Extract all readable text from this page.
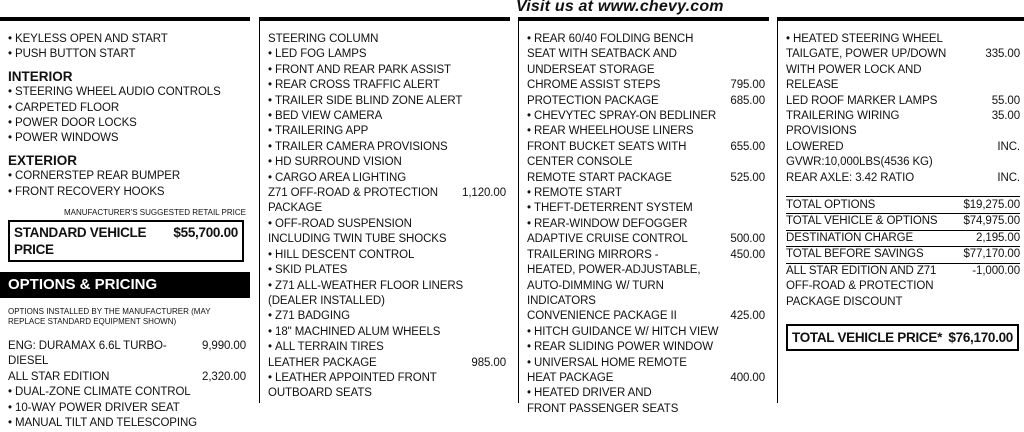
Visit us at www.chevy.com
• KEYLESS OPEN AND START
• PUSH BUTTON START
INTERIOR
• STEERING WHEEL AUDIO CONTROLS
• CARPETED FLOOR
• POWER DOOR LOCKS
• POWER WINDOWS
EXTERIOR
• CORNERSTEP REAR BUMPER
• FRONT RECOVERY HOOKS
MANUFACTURER'S SUGGESTED RETAIL PRICE
STANDARD VEHICLE PRICE
$55,700.00
OPTIONS & PRICING
OPTIONS INSTALLED BY THE MANUFACTURER (MAY REPLACE STANDARD EQUIPMENT SHOWN)
ENG: DURAMAX 6.6L TURBO-DIESEL
9,990.00
ALL STAR EDITION	2,320.00
• DUAL-ZONE CLIMATE CONTROL
• 10-WAY POWER DRIVER SEAT
• MANUAL TILT AND TELESCOPING
STEERING COLUMN
• LED FOG LAMPS
• FRONT AND REAR PARK ASSIST
• REAR CROSS TRAFFIC ALERT
• TRAILER SIDE BLIND ZONE ALERT
• BED VIEW CAMERA
• TRAILERING APP
• TRAILER CAMERA PROVISIONS
• HD SURROUND VISION
• CARGO AREA LIGHTING
Z71 OFF-ROAD & PROTECTION PACKAGE
1,120.00
• OFF-ROAD SUSPENSION INCLUDING TWIN TUBE SHOCKS
• HILL DESCENT CONTROL
• SKID PLATES
• Z71 ALL-WEATHER FLOOR LINERS (DEALER INSTALLED)
• Z71 BADGING
• 18" MACHINED ALUM WHEELS
• ALL TERRAIN TIRES
LEATHER PACKAGE	985.00
• LEATHER APPOINTED FRONT OUTBOARD SEATS
• REAR 60/40 FOLDING BENCH SEAT WITH SEATBACK AND UNDERSEAT STORAGE
CHROME ASSIST STEPS	795.00
PROTECTION PACKAGE	685.00
• CHEVYTEC SPRAY-ON BEDLINER
• REAR WHEELHOUSE LINERS
FRONT BUCKET SEATS WITH CENTER CONSOLE
655.00
REMOTE START PACKAGE	525.00
• REMOTE START
• THEFT-DETERRENT SYSTEM
• REAR-WINDOW DEFOGGER
ADAPTIVE CRUISE CONTROL	500.00
TRAILERING MIRRORS - HEATED, POWER-ADJUSTABLE, AUTO-DIMMING W/ TURN INDICATORS
450.00
CONVENIENCE PACKAGE II	425.00
• HITCH GUIDANCE W/ HITCH VIEW
• REAR SLIDING POWER WINDOW
• UNIVERSAL HOME REMOTE
HEAT PACKAGE	400.00
• HEATED DRIVER AND FRONT PASSENGER SEATS
• HEATED STEERING WHEEL
TAILGATE, POWER UP/DOWN WITH POWER LOCK AND RELEASE
335.00
LED ROOF MARKER LAMPS	55.00
TRAILERING WIRING PROVISIONS
35.00
LOWERED GVWR:10,000LBS(4536 KG)
INC.
REAR AXLE: 3.42 RATIO	INC.
TOTAL OPTIONS	$19,275.00
TOTAL VEHICLE & OPTIONS	$74,975.00
DESTINATION CHARGE	2,195.00
TOTAL BEFORE SAVINGS	$77,170.00
ALL STAR EDITION AND Z71 OFF-ROAD & PROTECTION PACKAGE DISCOUNT
-1,000.00
TOTAL VEHICLE PRICE* $76,170.00
